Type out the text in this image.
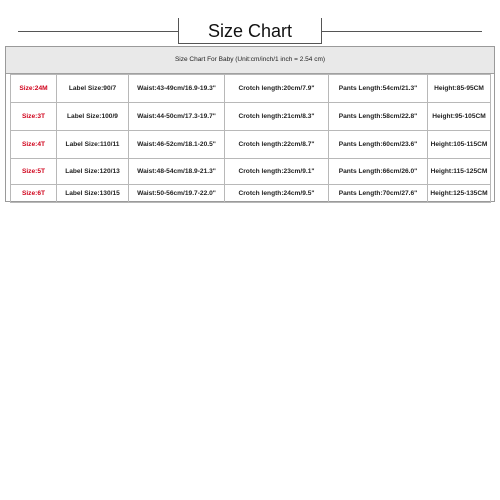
Size Chart
Size Chart For Baby (Unit:cm/inch/1 inch = 2.54 cm)
Size:24M	Label Size:90/7	Waist:43-49cm/16.9-19.3"	Crotch length:20cm/7.9"	Pants Length:54cm/21.3"	Height:85-95CM
Size:3T	Label Size:100/9	Waist:44-50cm/17.3-19.7"	Crotch length:21cm/8.3"	Pants Length:58cm/22.8"	Height:95-105CM
Size:4T	Label Size:110/11	Waist:46-52cm/18.1-20.5"	Crotch length:22cm/8.7"	Pants Length:60cm/23.6"	Height:105-115CM
Size:5T	Label Size:120/13	Waist:48-54cm/18.9-21.3"	Crotch length:23cm/9.1"	Pants Length:66cm/26.0"	Height:115-125CM
Size:6T	Label Size:130/15	Waist:50-56cm/19.7-22.0"	Crotch length:24cm/9.5"	Pants Length:70cm/27.6"	Height:125-135CM
